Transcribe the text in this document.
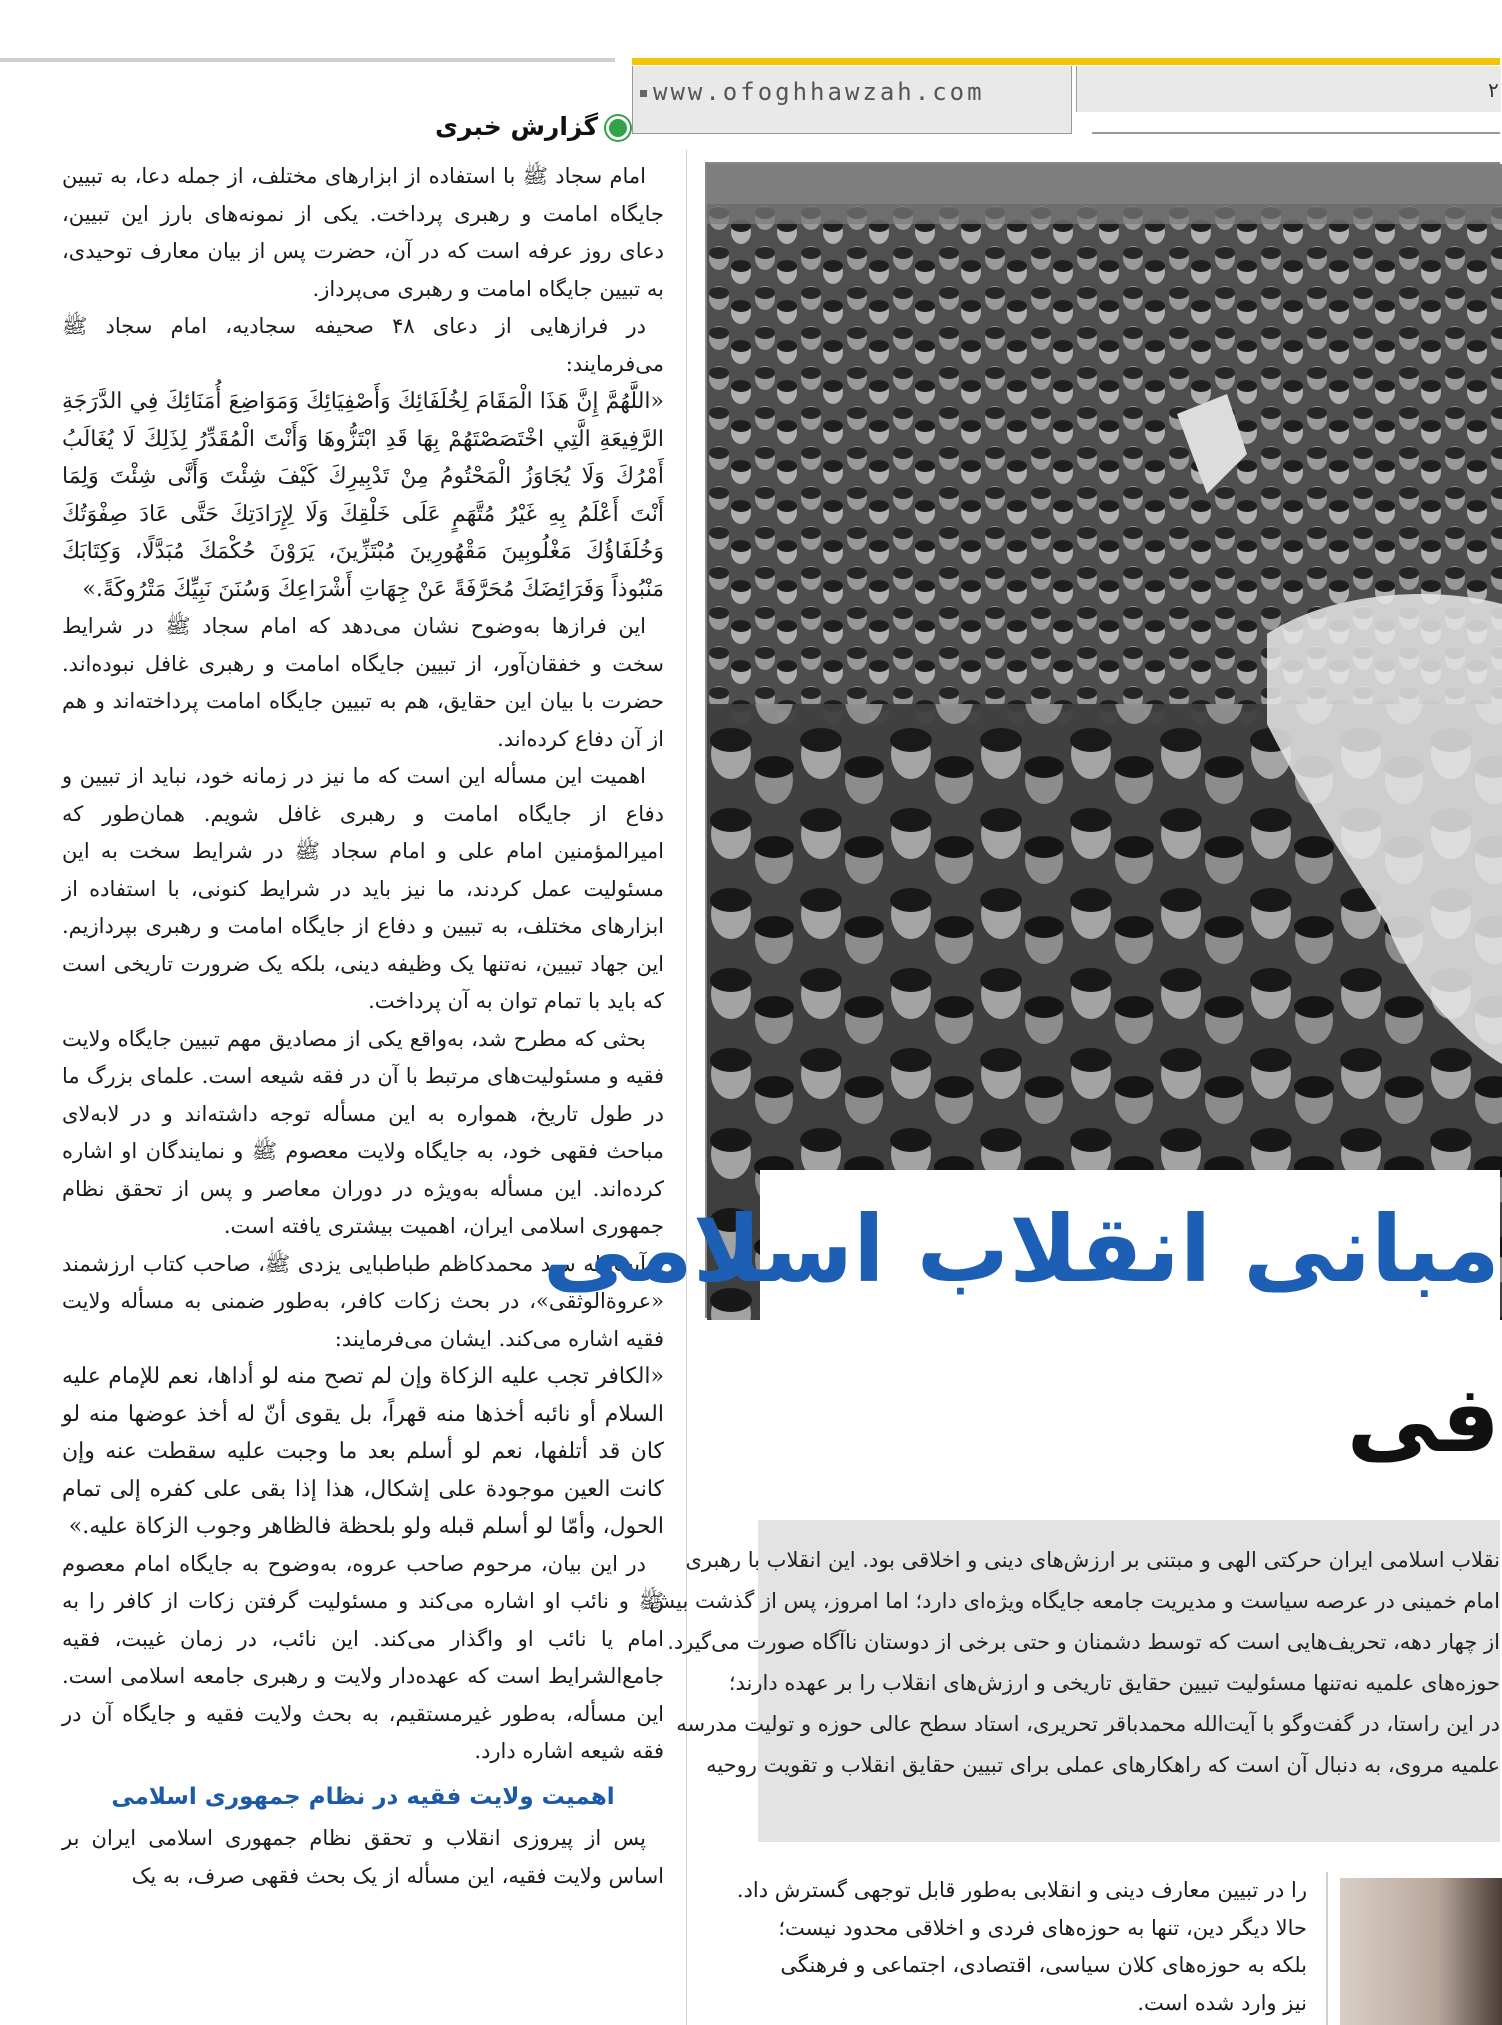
www.ofoghhawzah.com	۲
گزارش خبری

امام سجاد ﷺ با استفاده از ابزارهای مختلف، از جمله دعا، به تبیین جایگاه امامت و رهبری پرداخت. یکی از نمونه‌های بارز این تبیین، دعای روز عرفه است که در آن، حضرت پس از بیان معارف توحیدی، به تبیین جایگاه امامت و رهبری می‌پرداز.

در فرازهایی از دعای ۴۸ صحیفه سجادیه، امام سجاد ﷺ می‌فرمایند:

«اللَّهُمَّ إِنَّ هَذَا الْمَقَامَ لِخُلَفَائِكَ وَأَصْفِيَائِكَ وَمَوَاضِعَ أُمَنَائِكَ فِي الدَّرَجَةِ الرَّفِيعَةِ الَّتِي اخْتَصَصْتَهُمْ بِهَا قَدِ ابْتَزُّوهَا وَأَنْتَ الْمُقَدِّرُ لِذَلِكَ لَا يُغَالَبُ أَمْرُكَ وَلَا يُجَاوَزُ الْمَحْتُومُ مِنْ تَدْبِيرِكَ كَيْفَ شِئْتَ وَأَنَّى شِئْتَ وَلِمَا أَنْتَ أَعْلَمُ بِهِ غَيْرُ مُتَّهَمٍ عَلَى خَلْقِكَ وَلَا لِإِرَادَتِكَ حَتَّى عَادَ صِفْوَتُكَ وَخُلَفَاؤُكَ مَغْلُوبِينَ مَقْهُورِينَ مُبْتَزِّينَ، يَرَوْنَ حُكْمَكَ مُبَدَّلًا، وَكِتَابَكَ مَنْبُوذاً وَفَرَائِضَكَ مُحَرَّفَةً عَنْ جِهَاتِ أَشْرَاعِكَ وَسُنَنَ نَبِيِّكَ مَتْرُوكَةً.»

این فرازها به‌وضوح نشان می‌دهد که امام سجاد ﷺ در شرایط سخت و خفقان‌آور، از تبیین جایگاه امامت و رهبری غافل نبوده‌اند. حضرت با بیان این حقایق، هم به تبیین جایگاه امامت پرداخته‌اند و هم از آن دفاع کرده‌اند.

اهمیت این مسأله این است که ما نیز در زمانه خود، نباید از تبیین و دفاع از جایگاه امامت و رهبری غافل شویم. همان‌طور که امیرالمؤمنین امام علی و امام سجاد ﷺ در شرایط سخت به این مسئولیت عمل کردند، ما نیز باید در شرایط کنونی، با استفاده از ابزارهای مختلف، به تبیین و دفاع از جایگاه امامت و رهبری بپردازیم. این جهاد تبیین، نه‌تنها یک وظیفه دینی، بلکه یک ضرورت تاریخی است که باید با تمام توان به آن پرداخت.

بحثی که مطرح شد، به‌واقع یکی از مصادیق مهم تبیین جایگاه ولایت فقیه و مسئولیت‌های مرتبط با آن در فقه شیعه است. علمای بزرگ ما در طول تاریخ، همواره به این مسأله توجه داشته‌اند و در لابه‌لای مباحث فقهی خود، به جایگاه ولایت معصوم ﷺ و نمایندگان او اشاره کرده‌اند. این مسأله به‌ویژه در دوران معاصر و پس از تحقق نظام جمهوری اسلامی ایران، اهمیت بیشتری یافته است.

آیت‌الله سید محمدکاظم طباطبایی یزدی ﷺ، صاحب کتاب ارزشمند «عروة‌الوثقی»، در بحث زکات کافر، به‌طور ضمنی به مسأله ولایت فقیه اشاره می‌کند. ایشان می‌فرمایند:

«الکافر تجب علیه الزکاة وإن لم تصح منه لو أداها، نعم للإمام علیه السلام أو نائبه أخذها منه قهراً، بل یقوی أنّ له أخذ عوضها منه لو کان قد أتلفها، نعم لو أسلم بعد ما وجبت علیه سقطت عنه وإن کانت العین موجودة علی إشکال، هذا إذا بقی علی کفره إلی تمام الحول، وأمّا لو أسلم قبله ولو بلحظة فالظاهر وجوب الزکاة علیه.»

در این بیان، مرحوم صاحب عروه، به‌وضوح به جایگاه امام معصوم ﷺ و نائب او اشاره می‌کند و مسئولیت گرفتن زکات از کافر را به امام یا نائب او واگذار می‌کند. این نائب، در زمان غیبت، فقیه جامع‌الشرایط است که عهده‌دار ولایت و رهبری جامعه اسلامی است. این مسأله، به‌طور غیرمستقیم، به بحث ولایت فقیه و جایگاه آن در فقه شیعه اشاره دارد.

اهمیت ولایت فقیه در نظام جمهوری اسلامی

پس از پیروزی انقلاب و تحقق نظام جمهوری اسلامی ایران بر اساس ولایت فقیه، این مسأله از یک بحث فقهی صرف، به یک

مبانی انقلاب اسلامی
فی
نقلاب اسلامی ایران حرکتی الهی و مبتنی بر ارزش‌های دینی و اخلاقی بود. این انقلاب با رهبری
امام خمینی در عرصه سیاست و مدیریت جامعه جایگاه ویژه‌ای دارد؛ اما امروز، پس از گذشت بیش
از چهار دهه، تحریف‌هایی است که توسط دشمنان و حتی برخی از دوستان ناآگاه صورت می‌گیرد.
حوزه‌های علمیه نه‌تنها مسئولیت تبیین حقایق تاریخی و ارزش‌های انقلاب را بر عهده دارند؛
در این راستا، در گفت‌وگو با آیت‌الله محمدباقر تحریری، استاد سطح عالی حوزه و تولیت مدرسه
علمیه مروی، به دنبال آن است که راهکارهای عملی برای تبیین حقایق انقلاب و تقویت روحیه
را در تبیین معارف دینی و انقلابی به‌طور قابل توجهی گسترش داد.
حالا دیگر دین، تنها به حوزه‌های فردی و اخلاقی محدود نیست؛
بلکه به حوزه‌های کلان سیاسی، اقتصادی، اجتماعی و فرهنگی
نیز وارد شده است.
